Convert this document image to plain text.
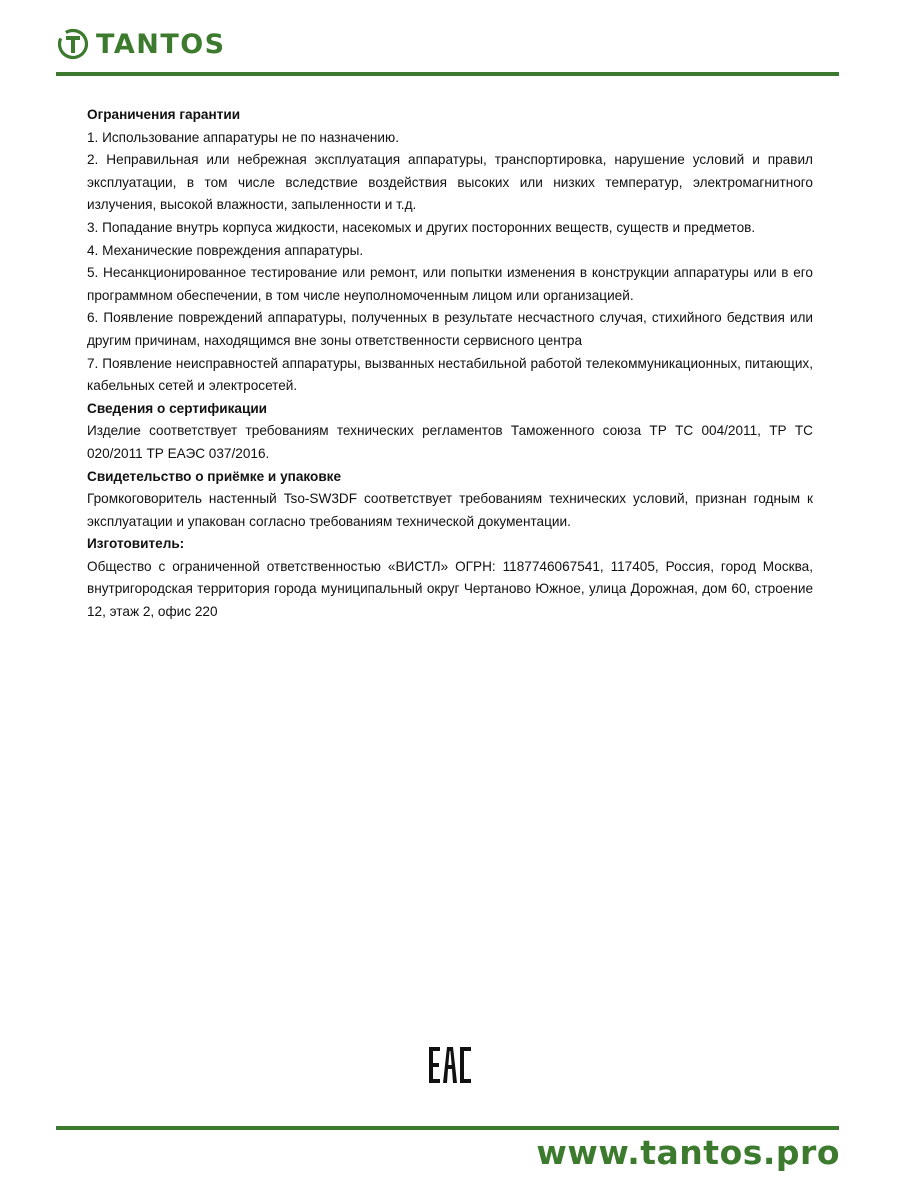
TANTOS

Ограничения гарантии

1. Использование аппаратуры не по назначению.

2. Неправильная или небрежная эксплуатация аппаратуры, транспортировка, нарушение условий и правил эксплуатации, в том числе вследствие воздействия высоких или низких температур, электромагнитного излучения, высокой влажности, запыленности и т.д.

3. Попадание внутрь корпуса жидкости, насекомых и других посторонних веществ, существ и предметов.

4. Механические повреждения аппаратуры.

5. Несанкционированное тестирование или ремонт, или попытки изменения в конструкции аппаратуры или в его программном обеспечении, в том числе неуполномоченным лицом или организацией.

6. Появление повреждений аппаратуры, полученных в результате несчастного случая, стихийного бедствия или другим причинам, находящимся вне зоны ответственности сервисного центра

7. Появление неисправностей аппаратуры, вызванных нестабильной работой телекоммуникационных, питающих, кабельных сетей и электросетей.

Сведения о сертификации

Изделие соответствует требованиям технических регламентов Таможенного союза ТР ТС 004/2011, ТР ТС 020/2011 ТР ЕАЭС 037/2016.

Свидетельство о приёмке и упаковке

Громкоговоритель настенный Tso-SW3DF соответствует требованиям технических условий, признан годным к эксплуатации и упакован согласно требованиям технической документации.

Изготовитель:

Общество с ограниченной ответственностью «ВИСТЛ» ОГРН: 1187746067541, 117405, Россия, город Москва, внутригородская территория города муниципальный округ Чертаново Южное, улица Дорожная, дом 60, строение 12, этаж 2, офис 220

www.tantos.pro
